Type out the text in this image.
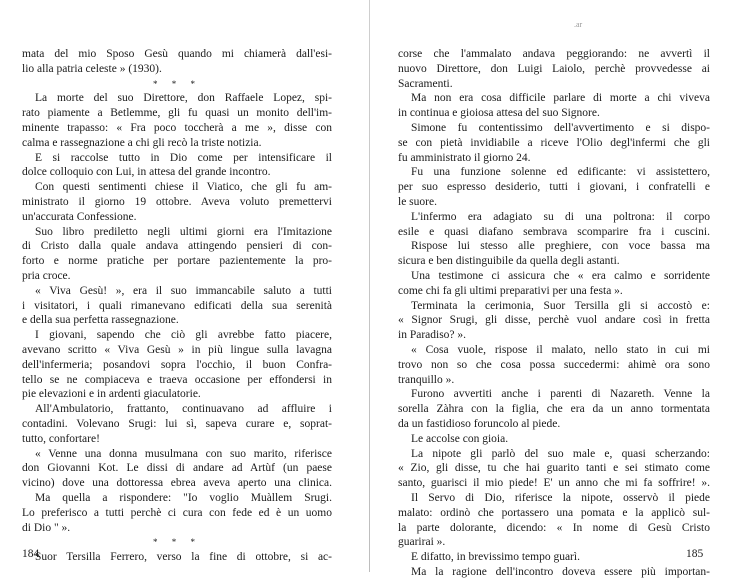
.ar
mata del mio Sposo Gesù quando mi chiamerà dall'esi-
lio alla patria celeste » (1930).
* * *
La morte del suo Direttore, don Raffaele Lopez, spi-
rato piamente a Betlemme, gli fu quasi un monito dell'im-
minente trapasso: « Fra poco toccherà a me », disse con
calma e rassegnazione a chi gli recò la triste notizia.
E si raccolse tutto in Dio come per intensificare il
dolce colloquio con Lui, in attesa del grande incontro.
Con questi sentimenti chiese il Viatico, che gli fu am-
ministrato il giorno 19 ottobre. Aveva voluto premettervi
un'accurata Confessione.
Suo libro prediletto negli ultimi giorni era l'Imitazione
di Cristo dalla quale andava attingendo pensieri di con-
forto e norme pratiche per portare pazientemente la pro-
pria croce.
« Viva Gesù! », era il suo immancabile saluto a tutti
i visitatori, i quali rimanevano edificati della sua serenità
e della sua perfetta rassegnazione.
I giovani, sapendo che ciò gli avrebbe fatto piacere,
avevano scritto « Viva Gesù » in più lingue sulla lavagna
dell'infermeria; posandovi sopra l'occhio, il buon Confra-
tello se ne compiaceva e traeva occasione per effondersi in
pie elevazioni e in ardenti giaculatorie.
All'Ambulatorio, frattanto, continuavano ad affluire i
contadini. Volevano Srugi: lui sì, sapeva curare e, soprat-
tutto, confortare!
« Venne una donna musulmana con suo marito, riferisce
don Giovanni Kot. Le dissi di andare ad Artùf (un paese
vicino) dove una dottoressa ebrea aveva aperto una clinica.
Ma quella a rispondere: "Io voglio Muàllem Srugi.
Lo preferisco a tutti perchè ci cura con fede ed è un uomo
di Dio " ».
* * *
Suor Tersilla Ferrero, verso la fine di ottobre, si ac-
corse che l'ammalato andava peggiorando: ne avvertì il
nuovo Direttore, don Luigi Laiolo, perchè provvedesse ai
Sacramenti.
Ma non era cosa difficile parlare di morte a chi viveva
in continua e gioiosa attesa del suo Signore.
Simone fu contentissimo dell'avvertimento e si dispo-
se con pietà invidiabile a riceve l'Olio degl'infermi che gli
fu amministrato il giorno 24.
Fu una funzione solenne ed edificante: vi assistettero,
per suo espresso desiderio, tutti i giovani, i confratelli e
le suore.
L'infermo era adagiato su di una poltrona: il corpo
esile e quasi diafano sembrava scomparire fra i cuscini.
Rispose lui stesso alle preghiere, con voce bassa ma
sicura e ben distinguibile da quella degli astanti.
Una testimone ci assicura che « era calmo e sorridente
come chi fa gli ultimi preparativi per una festa ».
Terminata la cerimonia, Suor Tersilla gli si accostò e:
« Signor Srugi, gli disse, perchè vuol andare così in fretta
in Paradiso? ».
« Cosa vuole, rispose il malato, nello stato in cui mi
trovo non so che cosa possa succedermi: ahimè ora sono
tranquillo ».
Furono avvertiti anche i parenti di Nazareth. Venne la
sorella Zàhra con la figlia, che era da un anno tormentata
da un fastidioso foruncolo al piede.
Le accolse con gioia.
La nipote gli parlò del suo male e, quasi scherzando:
« Zio, gli disse, tu che hai guarito tanti e sei stimato come
santo, guarisci il mio piede! E' un anno che mi fa soffrire! ».
Il Servo di Dio, riferisce la nipote, osservò il piede
malato: ordinò che portassero una pomata e la applicò sul-
la parte dolorante, dicendo: « In nome di Gesù Cristo
guarirai ».
E difatto, in brevissimo tempo guarì.
Ma la ragione dell'incontro doveva essere più importan-
184	185
